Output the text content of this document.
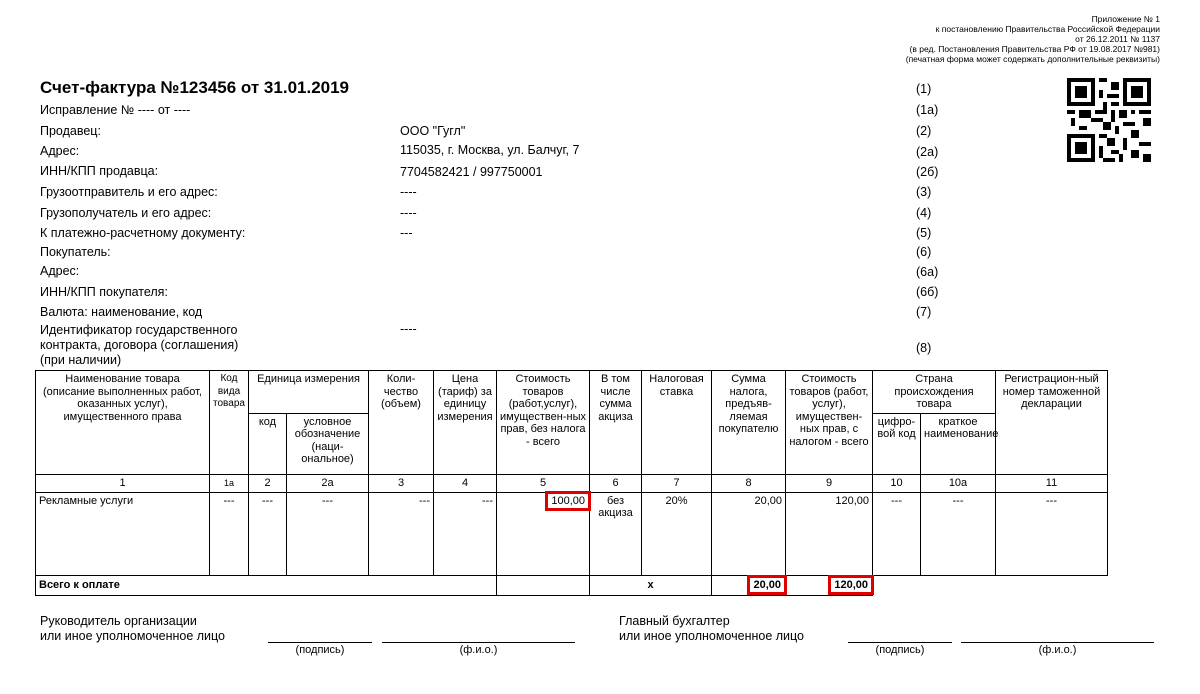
Приложение № 1
к постановлению Правительства Российской Федерации
от 26.12.2011 № 1137
(в ред. Постановления Правительства РФ от 19.08.2017 №981)
(печатная форма может содержать дополнительные реквизиты)
Счет-фактура №123456 от 31.01.2019	(1)
Исправление № ---- от ----	(1а)
Продавец:	ООО "Гугл"	(2)
Адрес:	115035, г. Москва, ул. Балчуг, 7	(2а)
ИНН/КПП продавца:	7704582421 / 997750001	(2б)
Грузоотправитель и его адрес:	----	(3)
Грузополучатель и его адрес:	----	(4)
К платежно-расчетному документу:	---	(5)
Покупатель:	(6)
Адрес:	(6а)
ИНН/КПП покупателя:	(6б)
Валюта: наименование, код	(7)
Идентификатор государственного
контракта, договора (соглашения)
(при наличии)
----
(8)
Наименование товара (описание выполненных работ, оказанных услуг), имущественного права	Код вида товара	Единица измерения		Коли-чество (объем)	Цена (тариф) за единицу измерения	Стоимость товаров (работ,услуг), имуществен-ных прав, без налога - всего	В том числе сумма акциза	Налоговая ставка	Сумма налога, предъяв-ляемая покупателю	Стоимость товаров (работ, услуг), имуществен-ных прав, с налогом - всего	Страна происхождения товара		Регистрацион-ный номер таможенной декларации
		код	условное обозначение (наци-ональное)								цифро-вой код	краткое наименование	
1	1а	2	2а	3	4	5	6	7	8	9	10	10а	11
Рекламные услуги	---	---	---	---	---	100,00	без акциза	20%	20,00	120,00	---	---	---
Всего к оплате							х		20,00	120,00			
Руководитель организации
или иное уполномоченное лицо
(подпись)	(ф.и.о.)
Главный бухгалтер
или иное уполномоченное лицо
(подпись)	(ф.и.о.)
